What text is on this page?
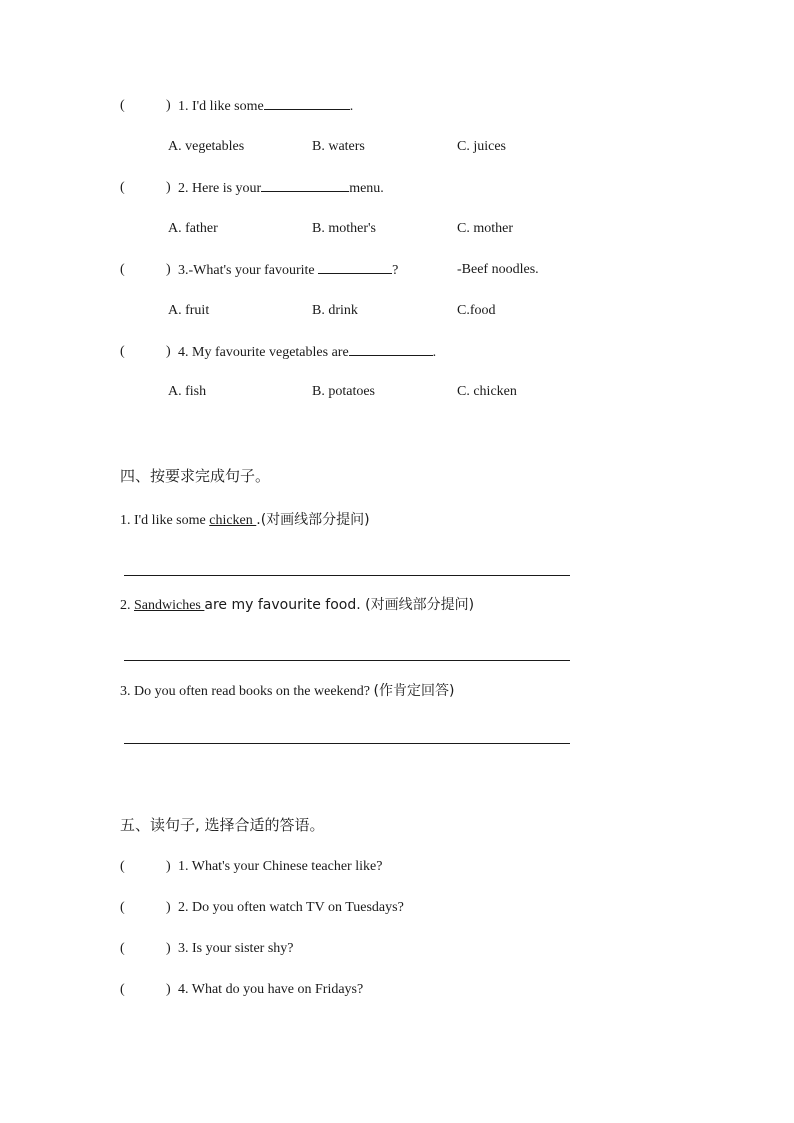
(	) 1. I'd like some	.
A. vegetables	B. waters	C. juices
(	) 2. Here is your	menu.
A. father	B. mother's	C. mother
(	) 3.-What's your favourite	?	-Beef noodles.
A. fruit	B. drink	C.food
(	) 4. My favourite vegetables are	.
A. fish	B. potatoes	C. chicken
四、按要求完成句子。
1. I'd like some chicken .(对画线部分提问)
2. Sandwiches are my favourite food. (对画线部分提问)
3. Do you often read books on the weekend? (作肯定回答)
五、读句子, 选择合适的答语。
(	) 1. What's your Chinese teacher like?
(	) 2. Do you often watch TV on Tuesdays?
(	) 3. Is your sister shy?
(	) 4. What do you have on Fridays?
